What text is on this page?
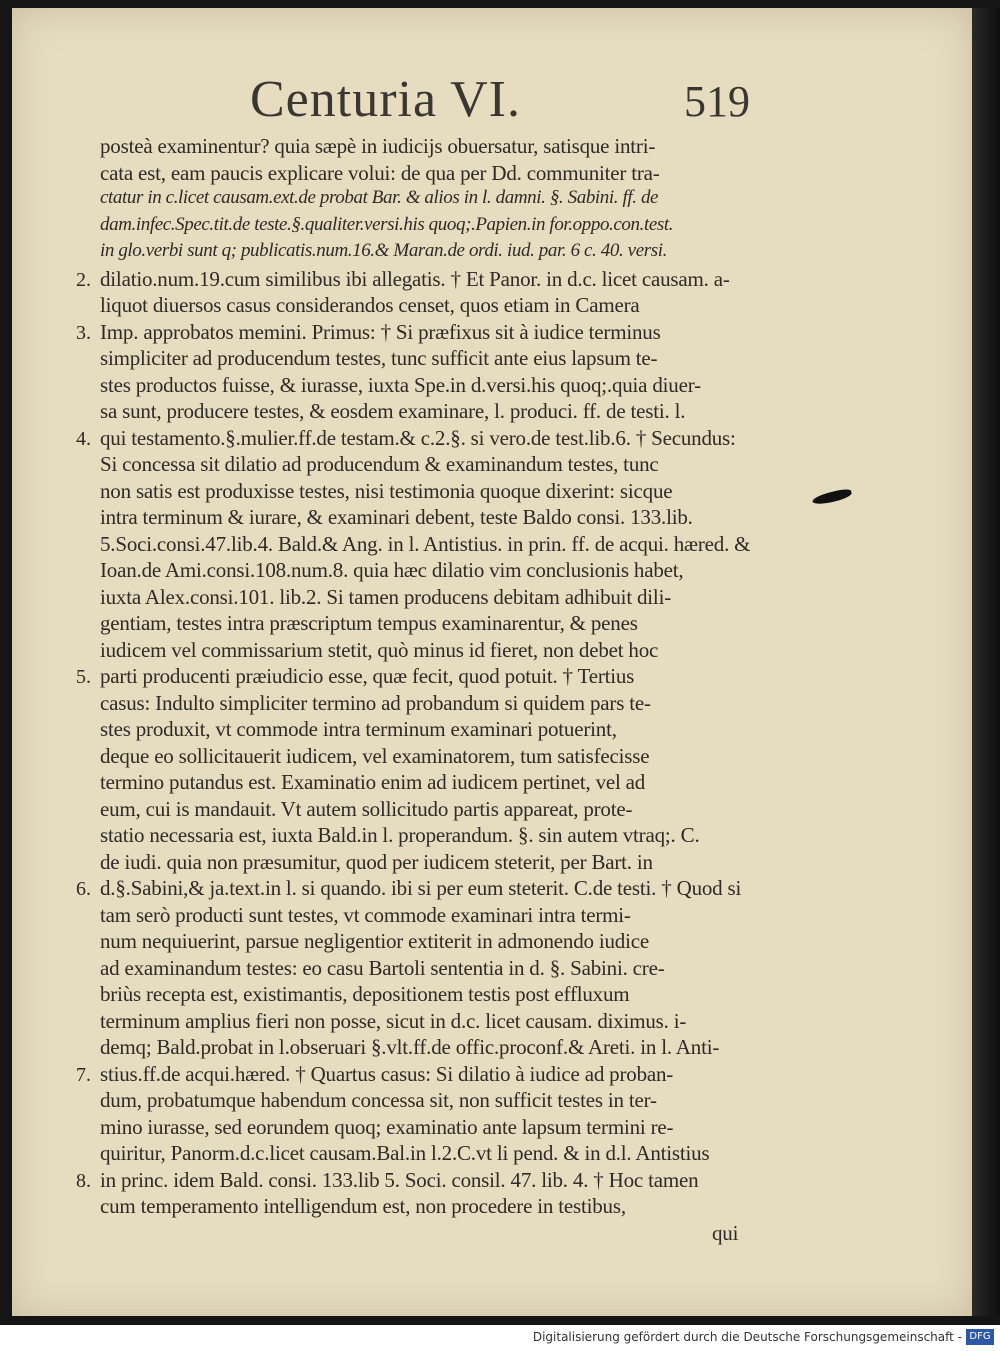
Centuria VI.	519
posteà examinentur? quia sæpè in iudicijs obuersatur, satisque intri-
cata est, eam paucis explicare volui: de qua per Dd. communiter tra-
ctatur in c.licet causam.ext.de probat Bar. & alios in l. damni. §. Sabini. ff. de
dam.infec.Spec.tit.de teste.§.qualiter.versi.his quoq;.Papien.in for.oppo.con.test.
in glo.verbi sunt q; publicatis.num.16.& Maran.de ordi. iud. par. 6 c. 40. versi.
dilatio.num.19.cum similibus ibi allegatis. † Et Panor. in d.c. licet causam. a-
liquot diuersos casus considerandos censet, quos etiam in Camera
Imp. approbatos memini. Primus: † Si præfixus sit à iudice terminus
simpliciter ad producendum testes, tunc sufficit ante eius lapsum te-
stes productos fuisse, & iurasse, iuxta Spe.in d.versi.his quoq;.quia diuer-
sa sunt, producere testes, & eosdem examinare, l. produci. ff. de testi. l.
qui testamento.§.mulier.ff.de testam.& c.2.§. si vero.de test.lib.6. † Secundus:
Si concessa sit dilatio ad producendum & examinandum testes, tunc
non satis est produxisse testes, nisi testimonia quoque dixerint: sicque
intra terminum & iurare, & examinari debent, teste Baldo consi. 133.lib.
5.Soci.consi.47.lib.4. Bald.& Ang. in l. Antistius. in prin. ff. de acqui. hæred. &
Ioan.de Ami.consi.108.num.8. quia hæc dilatio vim conclusionis habet,
iuxta Alex.consi.101. lib.2. Si tamen producens debitam adhibuit dili-
gentiam, testes intra præscriptum tempus examinarentur, & penes
iudicem vel commissarium stetit, quò minus id fieret, non debet hoc
parti producenti præiudicio esse, quæ fecit, quod potuit. † Tertius
casus: Indulto simpliciter termino ad probandum si quidem pars te-
stes produxit, vt commode intra terminum examinari potuerint,
deque eo sollicitauerit iudicem, vel examinatorem, tum satisfecisse
termino putandus est. Examinatio enim ad iudicem pertinet, vel ad
eum, cui is mandauit. Vt autem sollicitudo partis appareat, prote-
statio necessaria est, iuxta Bald.in l. properandum. §. sin autem vtraq;. C.
de iudi. quia non præsumitur, quod per iudicem steterit, per Bart. in
d.§.Sabini,& ja.text.in l. si quando. ibi si per eum steterit. C.de testi. † Quod si
tam serò producti sunt testes, vt commode examinari intra termi-
num nequiuerint, parsue negligentior extiterit in admonendo iudice
ad examinandum testes: eo casu Bartoli sententia in d. §. Sabini. cre-
briùs recepta est, existimantis, depositionem testis post effluxum
terminum amplius fieri non posse, sicut in d.c. licet causam. diximus. i-
demq; Bald.probat in l.obseruari §.vlt.ff.de offic.proconf.& Areti. in l. Anti-
stius.ff.de acqui.hæred. † Quartus casus: Si dilatio à iudice ad proban-
dum, probatumque habendum concessa sit, non sufficit testes in ter-
mino iurasse, sed eorundem quoq; examinatio ante lapsum termini re-
quiritur, Panorm.d.c.licet causam.Bal.in l.2.C.vt li pend. & in d.l. Antistius
in princ. idem Bald. consi. 133.lib 5. Soci. consil. 47. lib. 4. † Hoc tamen
cum temperamento intelligendum est, non procedere in testibus,
qui
2.
3.
4.
5.
6.
7.
8.
Digitalisierung gefördert durch die Deutsche Forschungsgemeinschaft - DFG
